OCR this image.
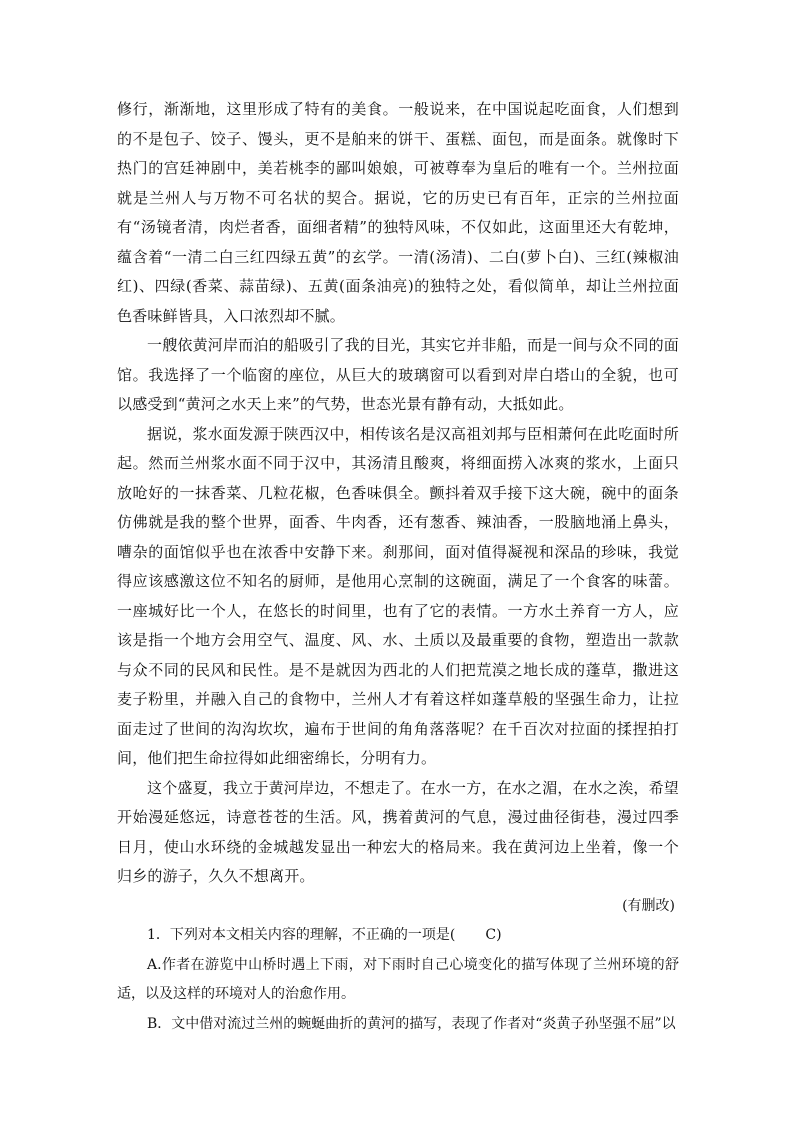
修行，渐渐地，这里形成了特有的美食。一般说来，在中国说起吃面食，人们想到的不是包子、饺子、馒头，更不是舶来的饼干、蛋糕、面包，而是面条。就像时下热门的宫廷神剧中，美若桃李的鄙叫娘娘，可被尊奉为皇后的唯有一个。兰州拉面就是兰州人与万物不可名状的契合。据说，它的历史已有百年，正宗的兰州拉面有“汤镜者清，肉烂者香，面细者精”的独特风味，不仅如此，这面里还大有乾坤，蕴含着“一清二白三红四绿五黄”的玄学。一清(汤清)、二白(萝卜白)、三红(辣椒油红)、四绿(香菜、蒜苗绿)、五黄(面条油亮)的独特之处，看似简单，却让兰州拉面色香味鲜皆具，入口浓烈却不腻。

一艘依黄河岸而泊的船吸引了我的目光，其实它并非船，而是一间与众不同的面馆。我选择了一个临窗的座位，从巨大的玻璃窗可以看到对岸白塔山的全貌，也可以感受到“黄河之水天上来”的气势，世态光景有静有动，大抵如此。

据说，浆水面发源于陕西汉中，相传该名是汉高祖刘邦与臣相萧何在此吃面时所起。然而兰州浆水面不同于汉中，其汤清且酸爽，将细面捞入冰爽的浆水，上面只放呛好的一抹香菜、几粒花椒，色香味俱全。颤抖着双手接下这大碗，碗中的面条仿佛就是我的整个世界，面香、牛肉香，还有葱香、辣油香，一股脑地涌上鼻头，嘈杂的面馆似乎也在浓香中安静下来。刹那间，面对值得凝视和深品的珍味，我觉得应该感激这位不知名的厨师，是他用心烹制的这碗面，满足了一个食客的味蕾。一座城好比一个人，在悠长的时间里，也有了它的表情。一方水土养育一方人，应该是指一个地方会用空气、温度、风、水、土质以及最重要的食物，塑造出一款款与众不同的民风和民性。是不是就因为西北的人们把荒漠之地长成的蓬草，撒进这麦子粉里，并融入自己的食物中，兰州人才有着这样如蓬草般的坚强生命力，让拉面走过了世间的沟沟坎坎，遍布于世间的角角落落呢？在千百次对拉面的揉捏拍打间，他们把生命拉得如此细密绵长，分明有力。

这个盛夏，我立于黄河岸边，不想走了。在水一方，在水之湄，在水之涘，希望开始漫延悠远，诗意苍苍的生活。风，携着黄河的气息，漫过曲径街巷，漫过四季日月，使山水环绕的金城越发显出一种宏大的格局来。我在黄河边上坐着，像一个归乡的游子，久久不想离开。

(有删改)

1．下列对本文相关内容的理解，不正确的一项是( C)

A.作者在游览中山桥时遇上下雨，对下雨时自己心境变化的描写体现了兰州环境的舒适，以及这样的环境对人的治愈作用。

B．文中借对流过兰州的蜿蜒曲折的黄河的描写，表现了作者对“炎黄子孙坚强不屈”以
